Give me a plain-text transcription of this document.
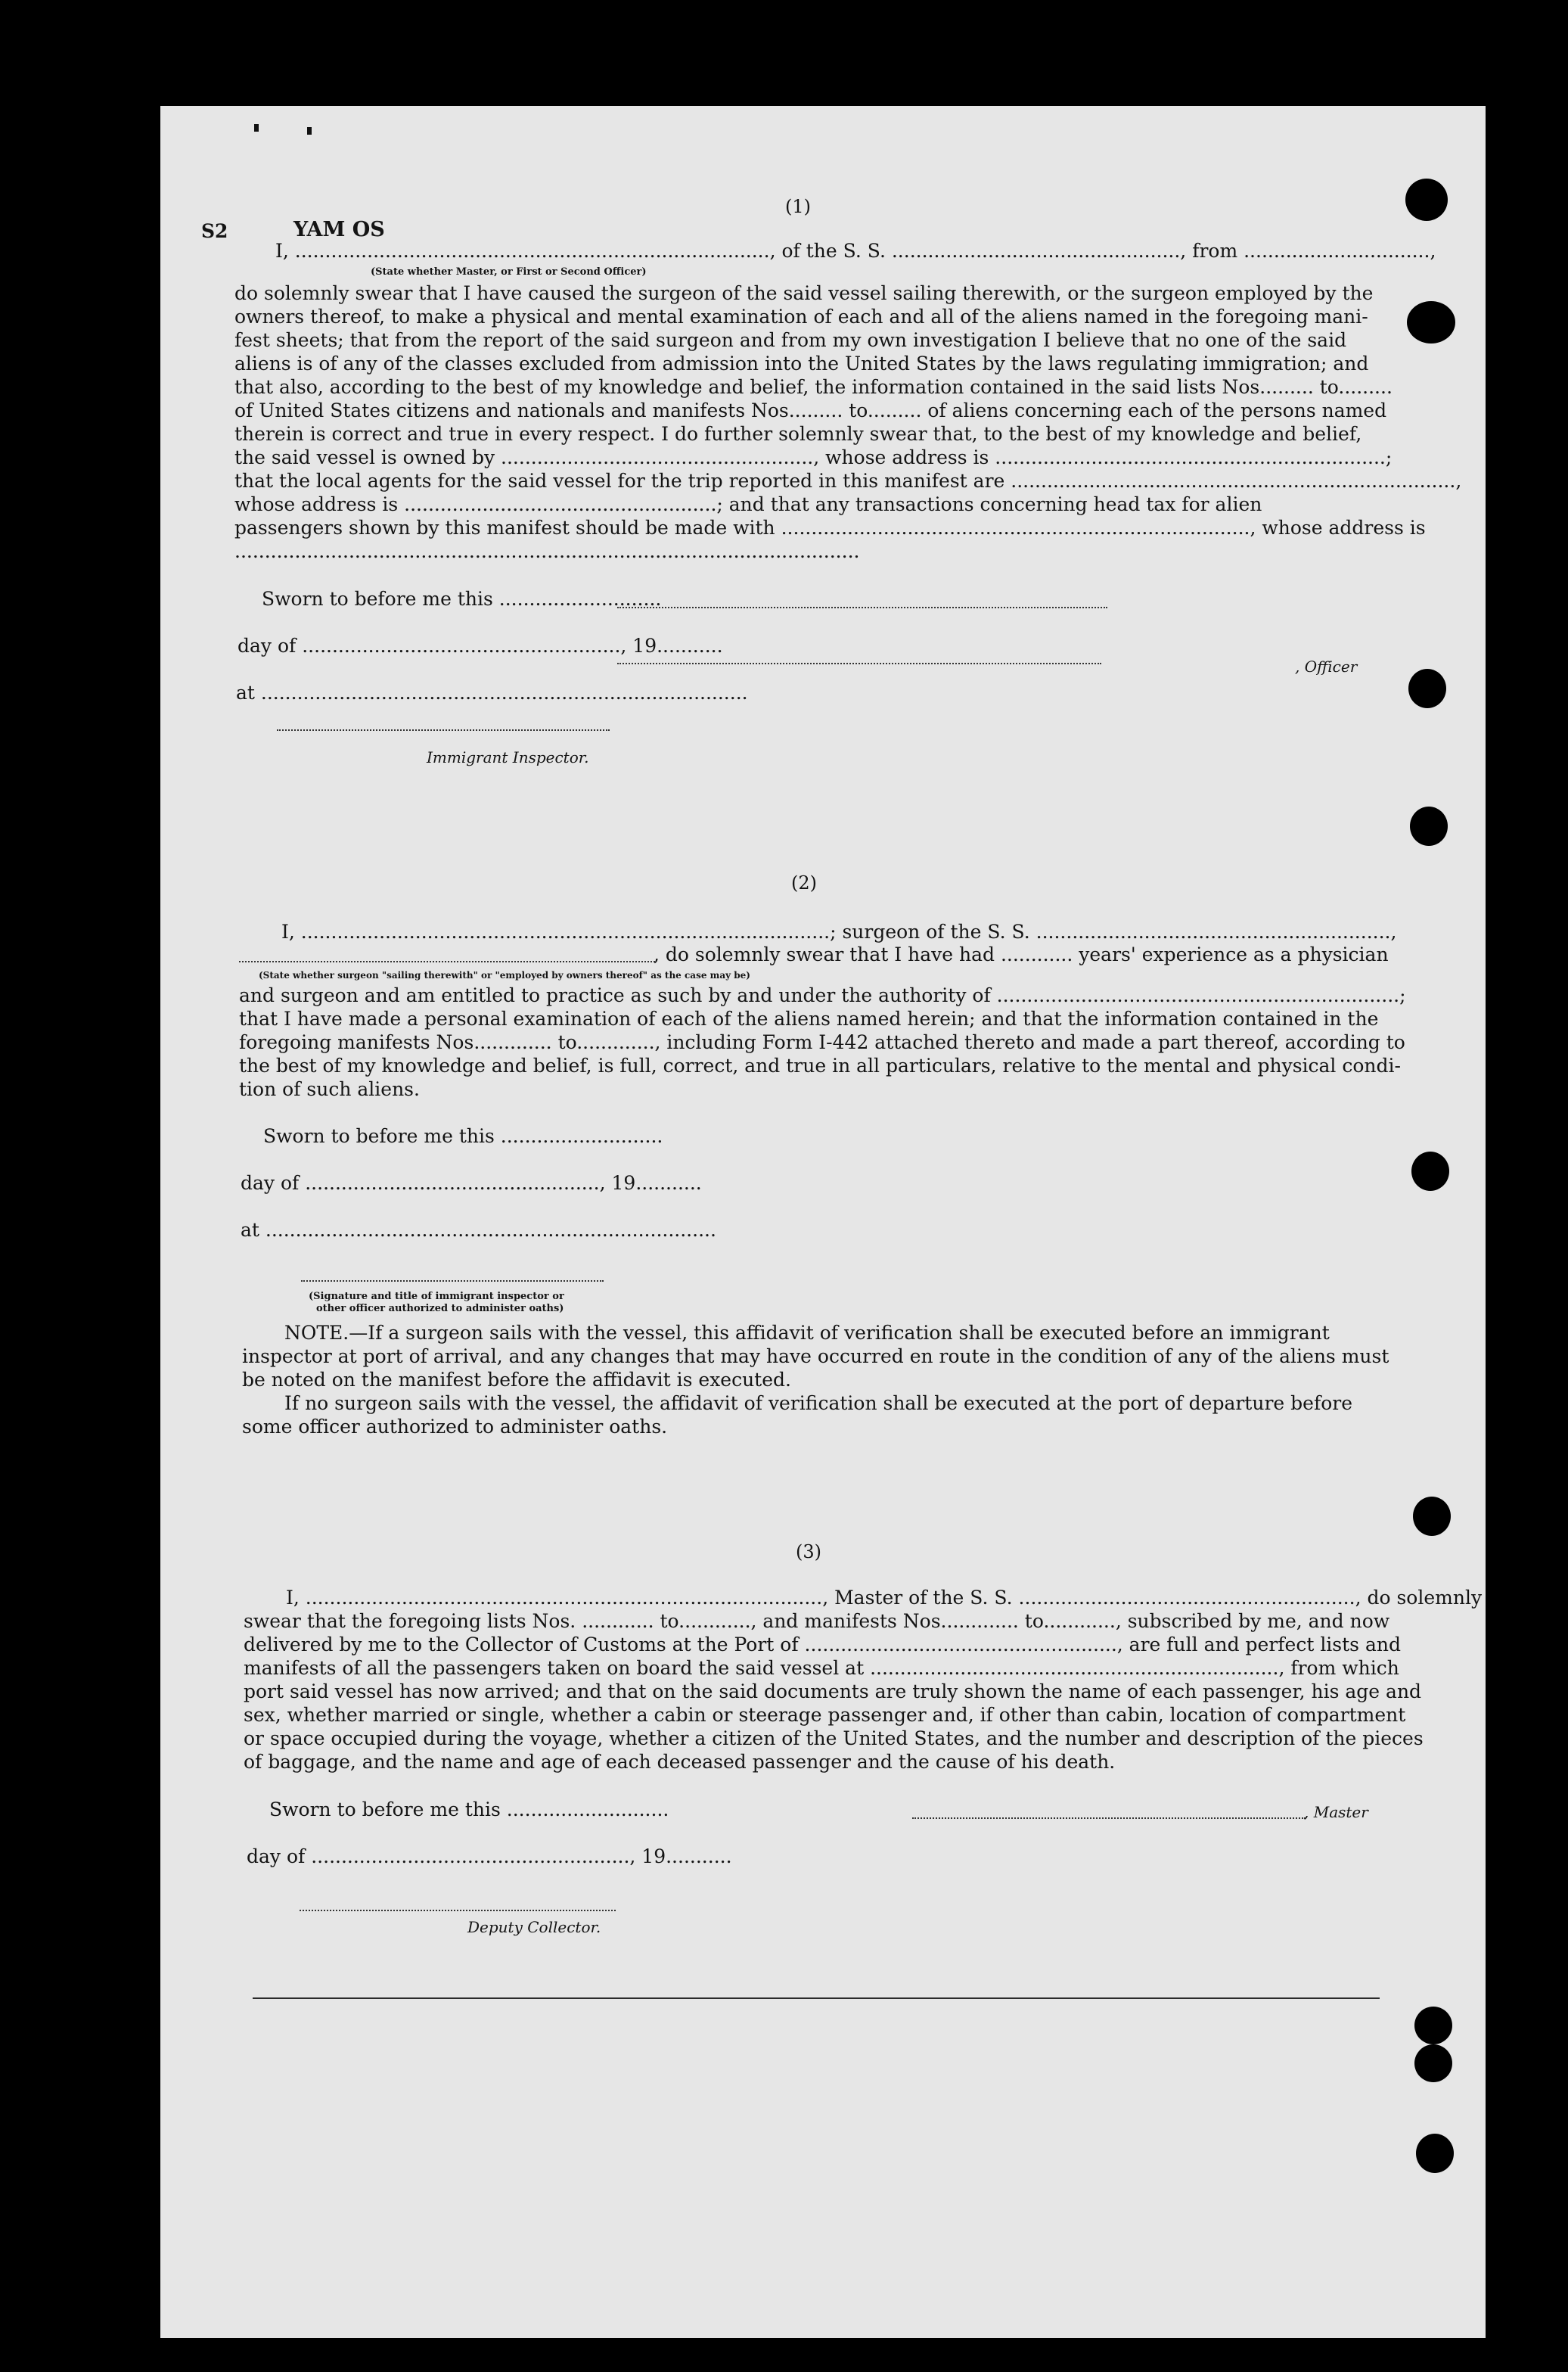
S2	YAM OS
(1)
I, ..............................................................................., of the S. S. ................................................, from ...............................,
(State whether Master, or First or Second Officer)
do solemnly swear that I have caused the surgeon of the said vessel sailing therewith, or the surgeon employed by the
owners thereof, to make a physical and mental examination of each and all of the aliens named in the foregoing mani-
fest sheets; that from the report of the said surgeon and from my own investigation I believe that no one of the said
aliens is of any of the classes excluded from admission into the United States by the laws regulating immigration; and
that also, according to the best of my knowledge and belief, the information contained in the said lists Nos......... to.........
of United States citizens and nationals and manifests Nos......... to......... of aliens concerning each of the persons named
therein is correct and true in every respect. I do further solemnly swear that, to the best of my knowledge and belief,
the said vessel is owned by ...................................................., whose address is .................................................................;
that the local agents for the said vessel for the trip reported in this manifest are ..........................................................................,
whose address is ....................................................; and that any transactions concerning head tax for alien
passengers shown by this manifest should be made with .............................................................................., whose address is
........................................................................................................
Sworn to before me this ...........................
day of ....................................................., 19...........
, Officer
at .................................................................................
Immigrant Inspector.
(2)
I, ........................................................................................; surgeon of the S. S. ...........................................................,
(State whether surgeon "sailing therewith" or "employed by owners thereof" as the case may be)
, do solemnly swear that I have had ............ years' experience as a physician
and surgeon and am entitled to practice as such by and under the authority of ...................................................................;
that I have made a personal examination of each of the aliens named herein; and that the information contained in the
foregoing manifests Nos............. to............., including Form I-442 attached thereto and made a part thereof, according to
the best of my knowledge and belief, is full, correct, and true in all particulars, relative to the mental and physical condi-
tion of such aliens.
Sworn to before me this ...........................
day of ................................................., 19...........
at ...........................................................................
(Signature and title of immigrant inspector or
other officer authorized to administer oaths)
NOTE.—If a surgeon sails with the vessel, this affidavit of verification shall be executed before an immigrant
inspector at port of arrival, and any changes that may have occurred en route in the condition of any of the aliens must
be noted on the manifest before the affidavit is executed.
If no surgeon sails with the vessel, the affidavit of verification shall be executed at the port of departure before
some officer authorized to administer oaths.
(3)
I, ......................................................................................, Master of the S. S. ........................................................, do solemnly
swear that the foregoing lists Nos. ............ to............, and manifests Nos............. to............, subscribed by me, and now
delivered by me to the Collector of Customs at the Port of ...................................................., are full and perfect lists and
manifests of all the passengers taken on board the said vessel at ...................................................................., from which
port said vessel has now arrived; and that on the said documents are truly shown the name of each passenger, his age and
sex, whether married or single, whether a cabin or steerage passenger and, if other than cabin, location of compartment
or space occupied during the voyage, whether a citizen of the United States, and the number and description of the pieces
of baggage, and the name and age of each deceased passenger and the cause of his death.
Sworn to before me this ...........................	, Master
day of ....................................................., 19...........
Deputy Collector.
